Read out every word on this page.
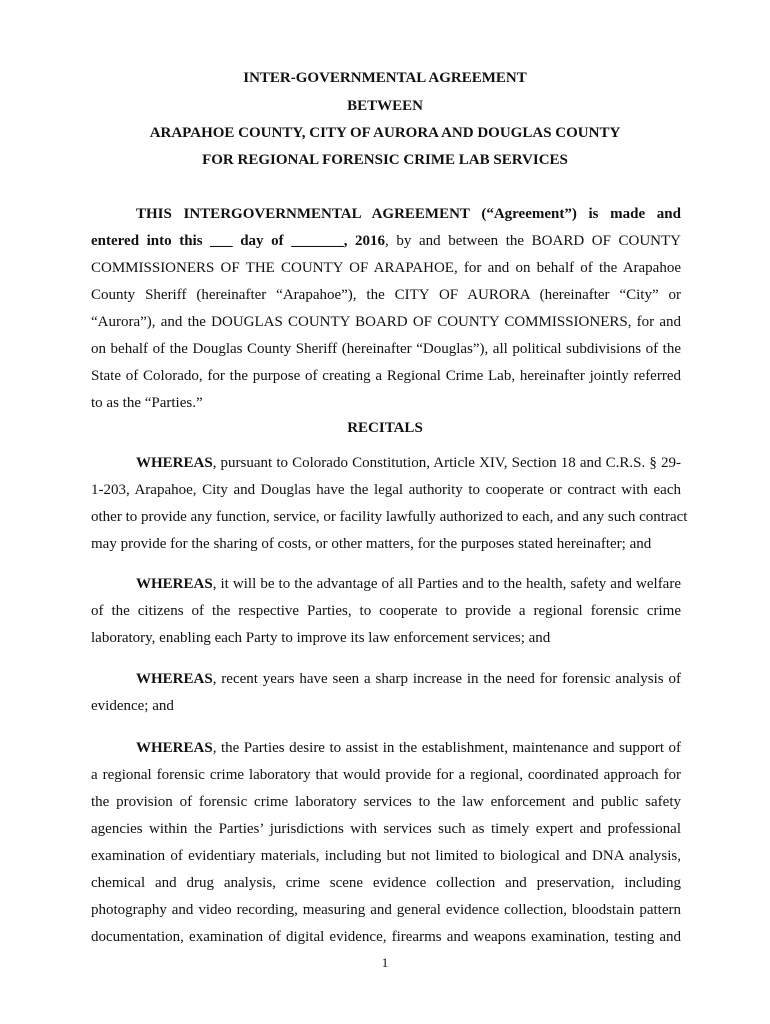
INTER-GOVERNMENTAL AGREEMENT
BETWEEN
ARAPAHOE COUNTY, CITY OF AURORA AND DOUGLAS COUNTY
FOR REGIONAL FORENSIC CRIME LAB SERVICES
THIS INTERGOVERNMENTAL AGREEMENT (“Agreement”) is made and
entered into this ___ day of _______, 2016, by and between the BOARD OF COUNTY
COMMISSIONERS OF THE COUNTY OF ARAPAHOE, for and on behalf of the Arapahoe
County Sheriff (hereinafter “Arapahoe”), the CITY OF AURORA (hereinafter “City” or
“Aurora”), and the DOUGLAS COUNTY BOARD OF COUNTY COMMISSIONERS, for and
on behalf of the Douglas County Sheriff (hereinafter “Douglas”), all political subdivisions of the
State of Colorado, for the purpose of creating a Regional Crime Lab, hereinafter jointly referred
to as the “Parties.”
RECITALS
WHEREAS, pursuant to Colorado Constitution, Article XIV, Section 18 and C.R.S. § 29-
1-203, Arapahoe, City and Douglas have the legal authority to cooperate or contract with each
other to provide any function, service, or facility lawfully authorized to each, and any such contract
may provide for the sharing of costs, or other matters, for the purposes stated hereinafter; and
WHEREAS, it will be to the advantage of all Parties and to the health, safety and welfare
of the citizens of the respective Parties, to cooperate to provide a regional forensic crime
laboratory, enabling each Party to improve its law enforcement services; and
WHEREAS, recent years have seen a sharp increase in the need for forensic analysis of
evidence; and
WHEREAS, the Parties desire to assist in the establishment, maintenance and support of
a regional forensic crime laboratory that would provide for a regional, coordinated approach for
the provision of forensic crime laboratory services to the law enforcement and public safety
agencies within the Parties’ jurisdictions with services such as timely expert and professional
examination of evidentiary materials, including but not limited to biological and DNA analysis,
chemical and drug analysis, crime scene evidence collection and preservation, including
photography and video recording, measuring and general evidence collection, bloodstain pattern
documentation, examination of digital evidence, firearms and weapons examination, testing and
1
